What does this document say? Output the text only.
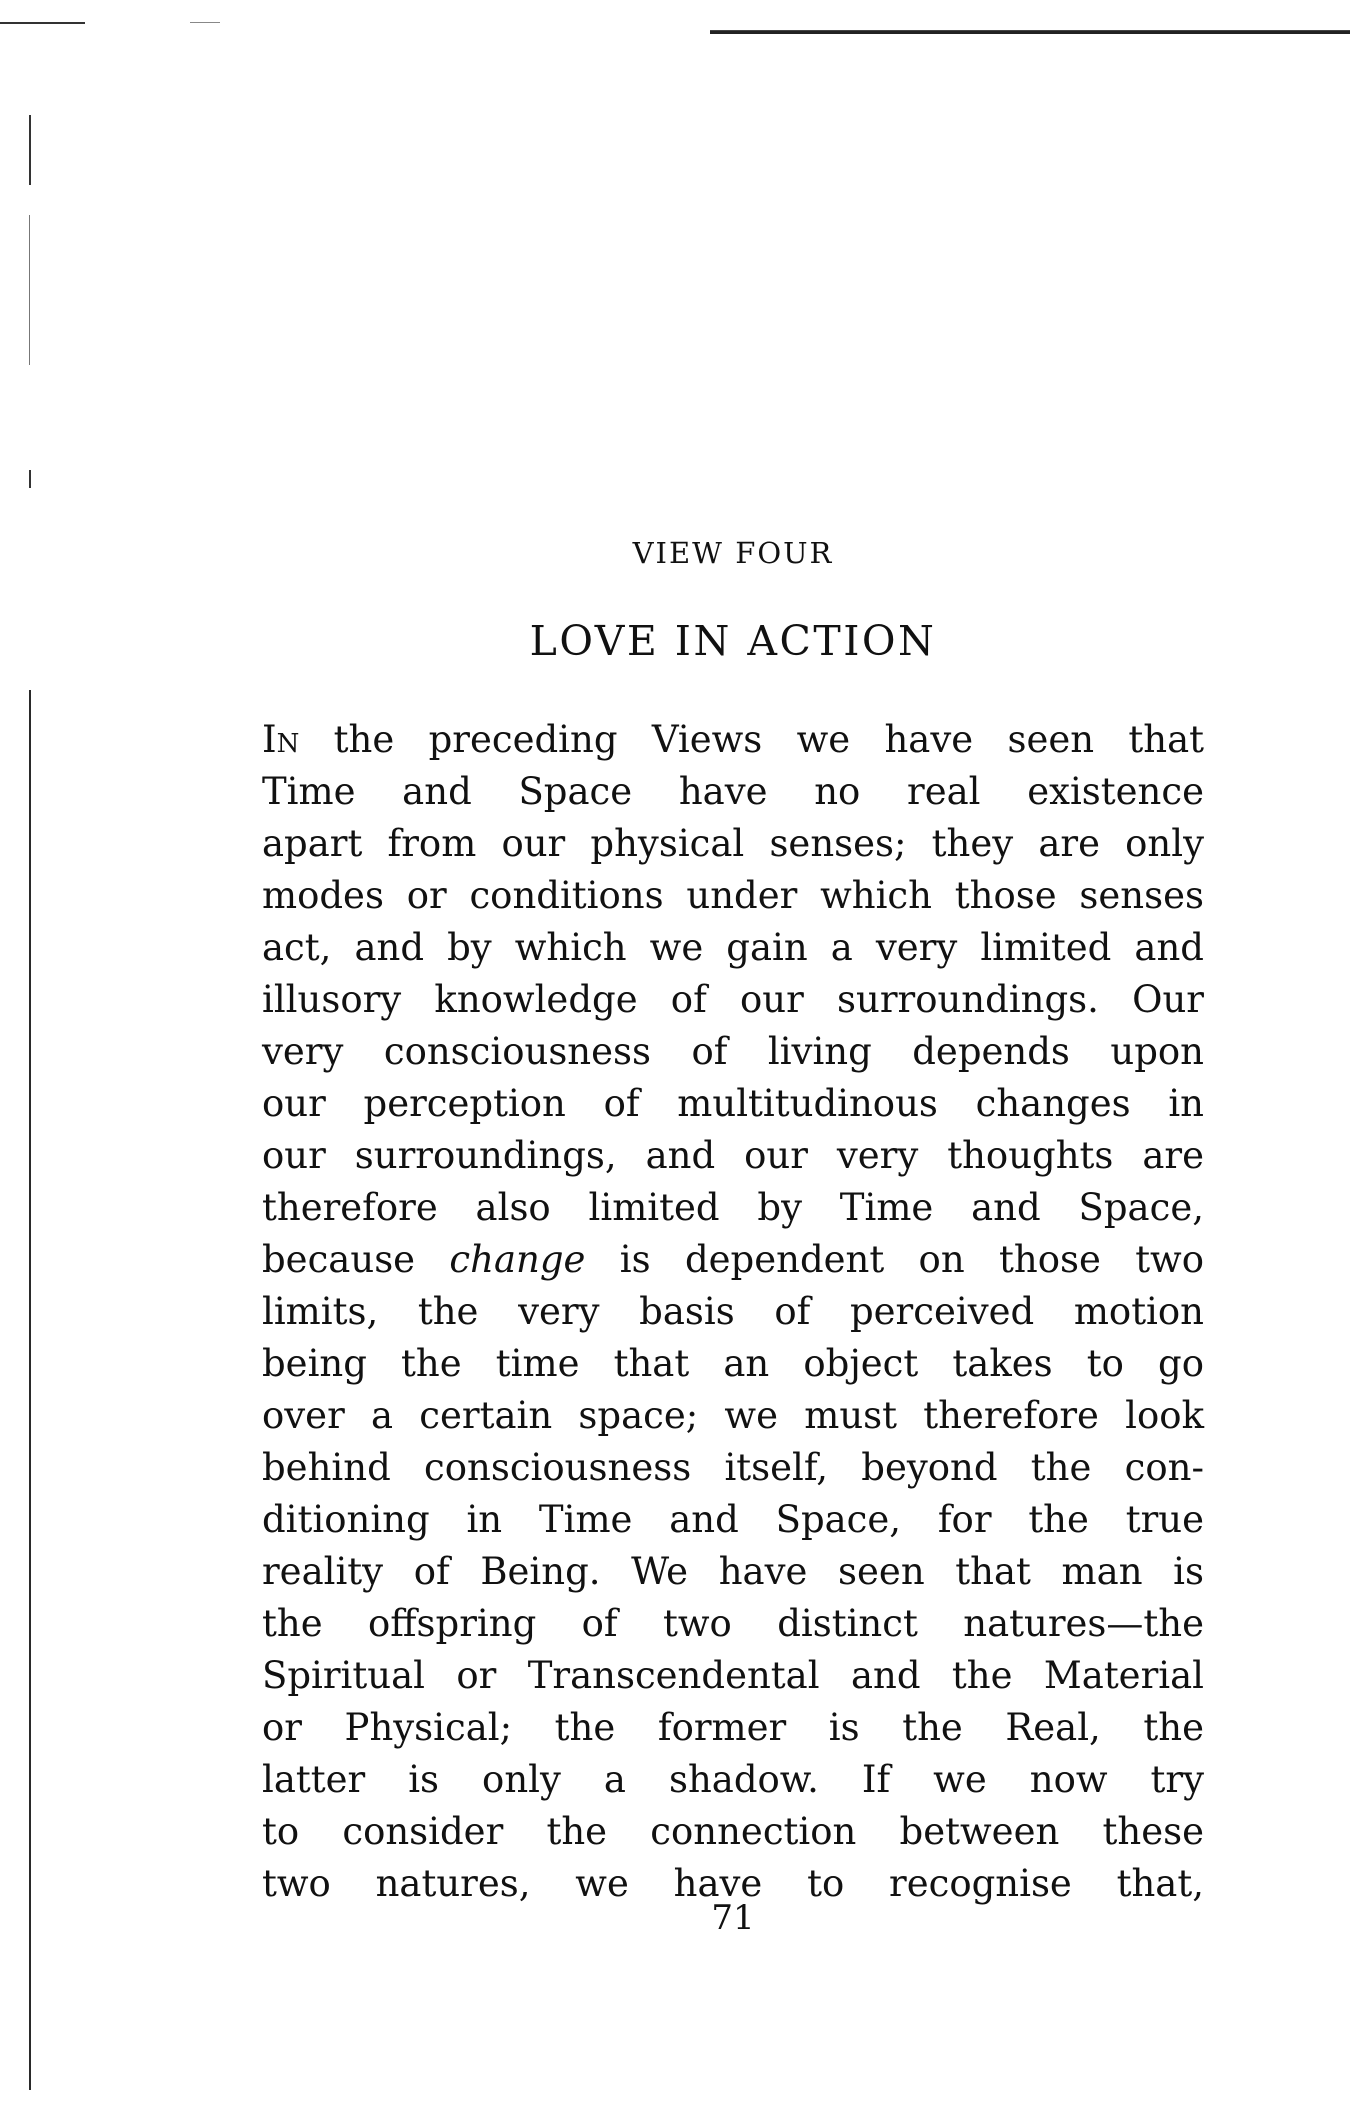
VIEW FOUR
LOVE IN ACTION
In the preceding Views we have seen that
Time and Space have no real existence
apart from our physical senses; they are only
modes or conditions under which those senses
act, and by which we gain a very limited and
illusory knowledge of our surroundings. Our
very consciousness of living depends upon
our perception of multitudinous changes in
our surroundings, and our very thoughts are
therefore also limited by Time and Space,
because change is dependent on those two
limits, the very basis of perceived motion
being the time that an object takes to go
over a certain space; we must therefore look
behind consciousness itself, beyond the con-
ditioning in Time and Space, for the true
reality of Being. We have seen that man is
the offspring of two distinct natures—the
Spiritual or Transcendental and the Material
or Physical; the former is the Real, the
latter is only a shadow. If we now try
to consider the connection between these
two natures, we have to recognise that,
71
